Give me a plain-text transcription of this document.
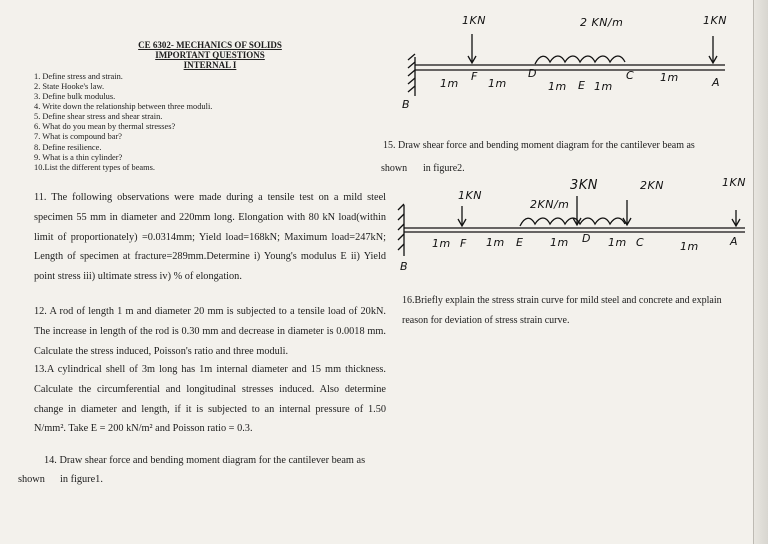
CE 6302- MECHANICS OF SOLIDS
IMPORTANT QUESTIONS
INTERNAL I
1. Define stress and strain.
2. State Hooke's law.
3. Define bulk modulus.
4. Write down the relationship between three moduli.
5. Define shear stress and shear strain.
6. What do you mean by thermal stresses?
7. What is compound bar?
8. Define resilience.
9. What is a thin cylinder?
10.List the different types of beams.
11. The following observations were made during a tensile test on a mild steel specimen 55 mm in diameter and 220mm long. Elongation with 80 kN load(within limit of proportionately) =0.0314mm; Yield load=168kN; Maximum load=247kN; Length of specimen at fracture=289mm.Determine i) Young's modulus E ii) Yield point stress iii) ultimate stress iv) % of elongation.
12. A rod of length 1 m and diameter 20 mm is subjected to a tensile load of 20kN. The increase in length of the rod is 0.30 mm and decrease in diameter is 0.0018 mm. Calculate the stress induced, Poisson's ratio and three moduli.
13.A cylindrical shell of 3m long has 1m internal diameter and 15 mm thickness. Calculate the circumferential and longitudinal stresses induced. Also determine change in diameter and length, if it is subjected to an internal pressure of 1.50 N/mm². Take E = 200 kN/m² and Poisson ratio = 0.3.
14. Draw shear force and bending moment diagram for the cantilever beam as
shown in figure1.
15. Draw shear force and bending moment diagram for the cantilever beam as
shown in figure2.
16.Briefly explain the stress strain curve for mild steel and concrete and explain reason for deviation of stress strain curve.
1KN	2 KN/m	1KN
1m
F
1m
D
1m E 1m
C 1m	A
B
1KN
2KN/m
3KN	2KN	1KN
1m F 1m E 1m D 1m C	1m	A
B
